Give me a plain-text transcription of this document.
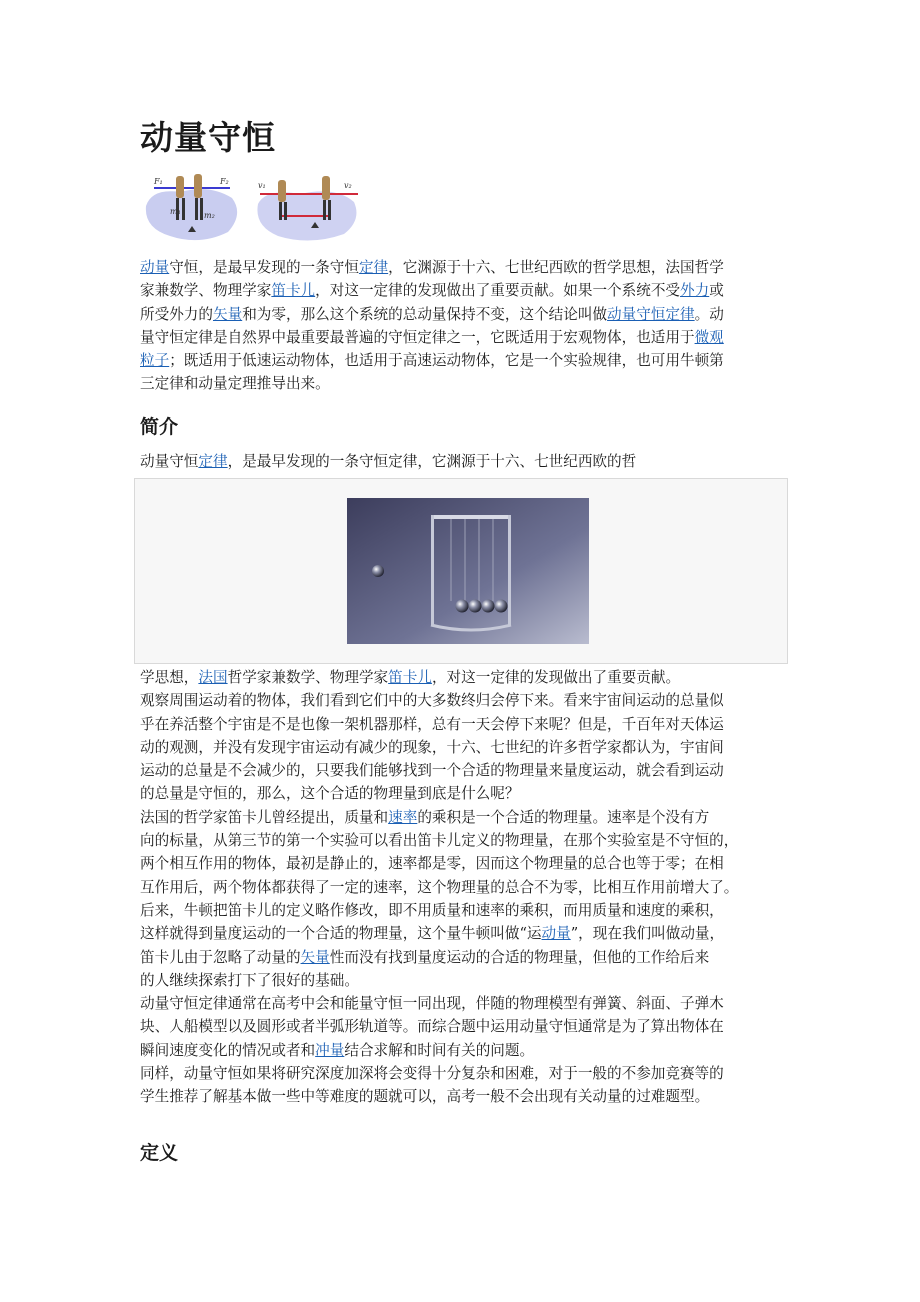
动量守恒
F₁	F₂
m₁	m₂
v₁	v₂
动量守恒，是最早发现的一条守恒定律，它渊源于十六、七世纪西欧的哲学思想，法国哲学
家兼数学、物理学家笛卡儿，对这一定律的发现做出了重要贡献。如果一个系统不受外力或
所受外力的矢量和为零，那么这个系统的总动量保持不变，这个结论叫做动量守恒定律。动
量守恒定律是自然界中最重要最普遍的守恒定律之一，它既适用于宏观物体，也适用于微观
粒子；既适用于低速运动物体，也适用于高速运动物体，它是一个实验规律，也可用牛顿第
三定律和动量定理推导出来。
简介
动量守恒定律，是最早发现的一条守恒定律，它渊源于十六、七世纪西欧的哲
学思想，法国哲学家兼数学、物理学家笛卡儿，对这一定律的发现做出了重要贡献。
观察周围运动着的物体，我们看到它们中的大多数终归会停下来。看来宇宙间运动的总量似
乎在养活整个宇宙是不是也像一架机器那样，总有一天会停下来呢？但是，千百年对天体运
动的观测，并没有发现宇宙运动有减少的现象，十六、七世纪的许多哲学家都认为，宇宙间
运动的总量是不会减少的，只要我们能够找到一个合适的物理量来量度运动，就会看到运动
的总量是守恒的，那么，这个合适的物理量到底是什么呢？
法国的哲学家笛卡儿曾经提出，质量和速率的乘积是一个合适的物理量。速率是个没有方
向的标量，从第三节的第一个实验可以看出笛卡儿定义的物理量，在那个实验室是不守恒的，
两个相互作用的物体，最初是静止的，速率都是零，因而这个物理量的总合也等于零；在相
互作用后，两个物体都获得了一定的速率，这个物理量的总合不为零，比相互作用前增大了。
后来，牛顿把笛卡儿的定义略作修改，即不用质量和速率的乘积，而用质量和速度的乘积，
这样就得到量度运动的一个合适的物理量，这个量牛顿叫做“运动量”，现在我们叫做动量，
笛卡儿由于忽略了动量的矢量性而没有找到量度运动的合适的物理量，但他的工作给后来
的人继续探索打下了很好的基础。
动量守恒定律通常在高考中会和能量守恒一同出现，伴随的物理模型有弹簧、斜面、子弹木
块、人船模型以及圆形或者半弧形轨道等。而综合题中运用动量守恒通常是为了算出物体在
瞬间速度变化的情况或者和冲量结合求解和时间有关的问题。
同样，动量守恒如果将研究深度加深将会变得十分复杂和困难，对于一般的不参加竞赛等的
学生推荐了解基本做一些中等难度的题就可以，高考一般不会出现有关动量的过难题型。
定义
